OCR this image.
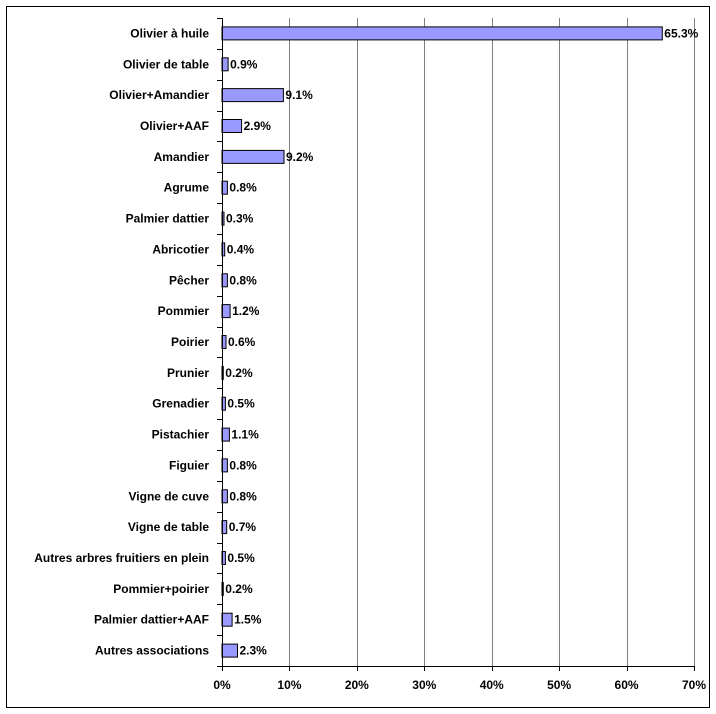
Olivier à huile	65.3%
Olivier de table 0.9%
Olivier+Amandier	9.1%
Olivier+AAF	2.9%
Amandier	9.2%
Agrume 0.8%
Palmier dattier 0.3%
Abricotier 0.4%
Pêcher 0.8%
Pommier 1.2%
Poirier 0.6%
Prunier 0.2%
Grenadier 0.5%
Pistachier 1.1%
Figuier 0.8%
Vigne de cuve 0.8%
Vigne de table 0.7%
Autres arbres fruitiers en plein 0.5%
Pommier+poirier 0.2%
Palmier dattier+AAF 1.5%
Autres associations	2.3%
0%	10%	20%	30%	40%	50%	60%	70%
